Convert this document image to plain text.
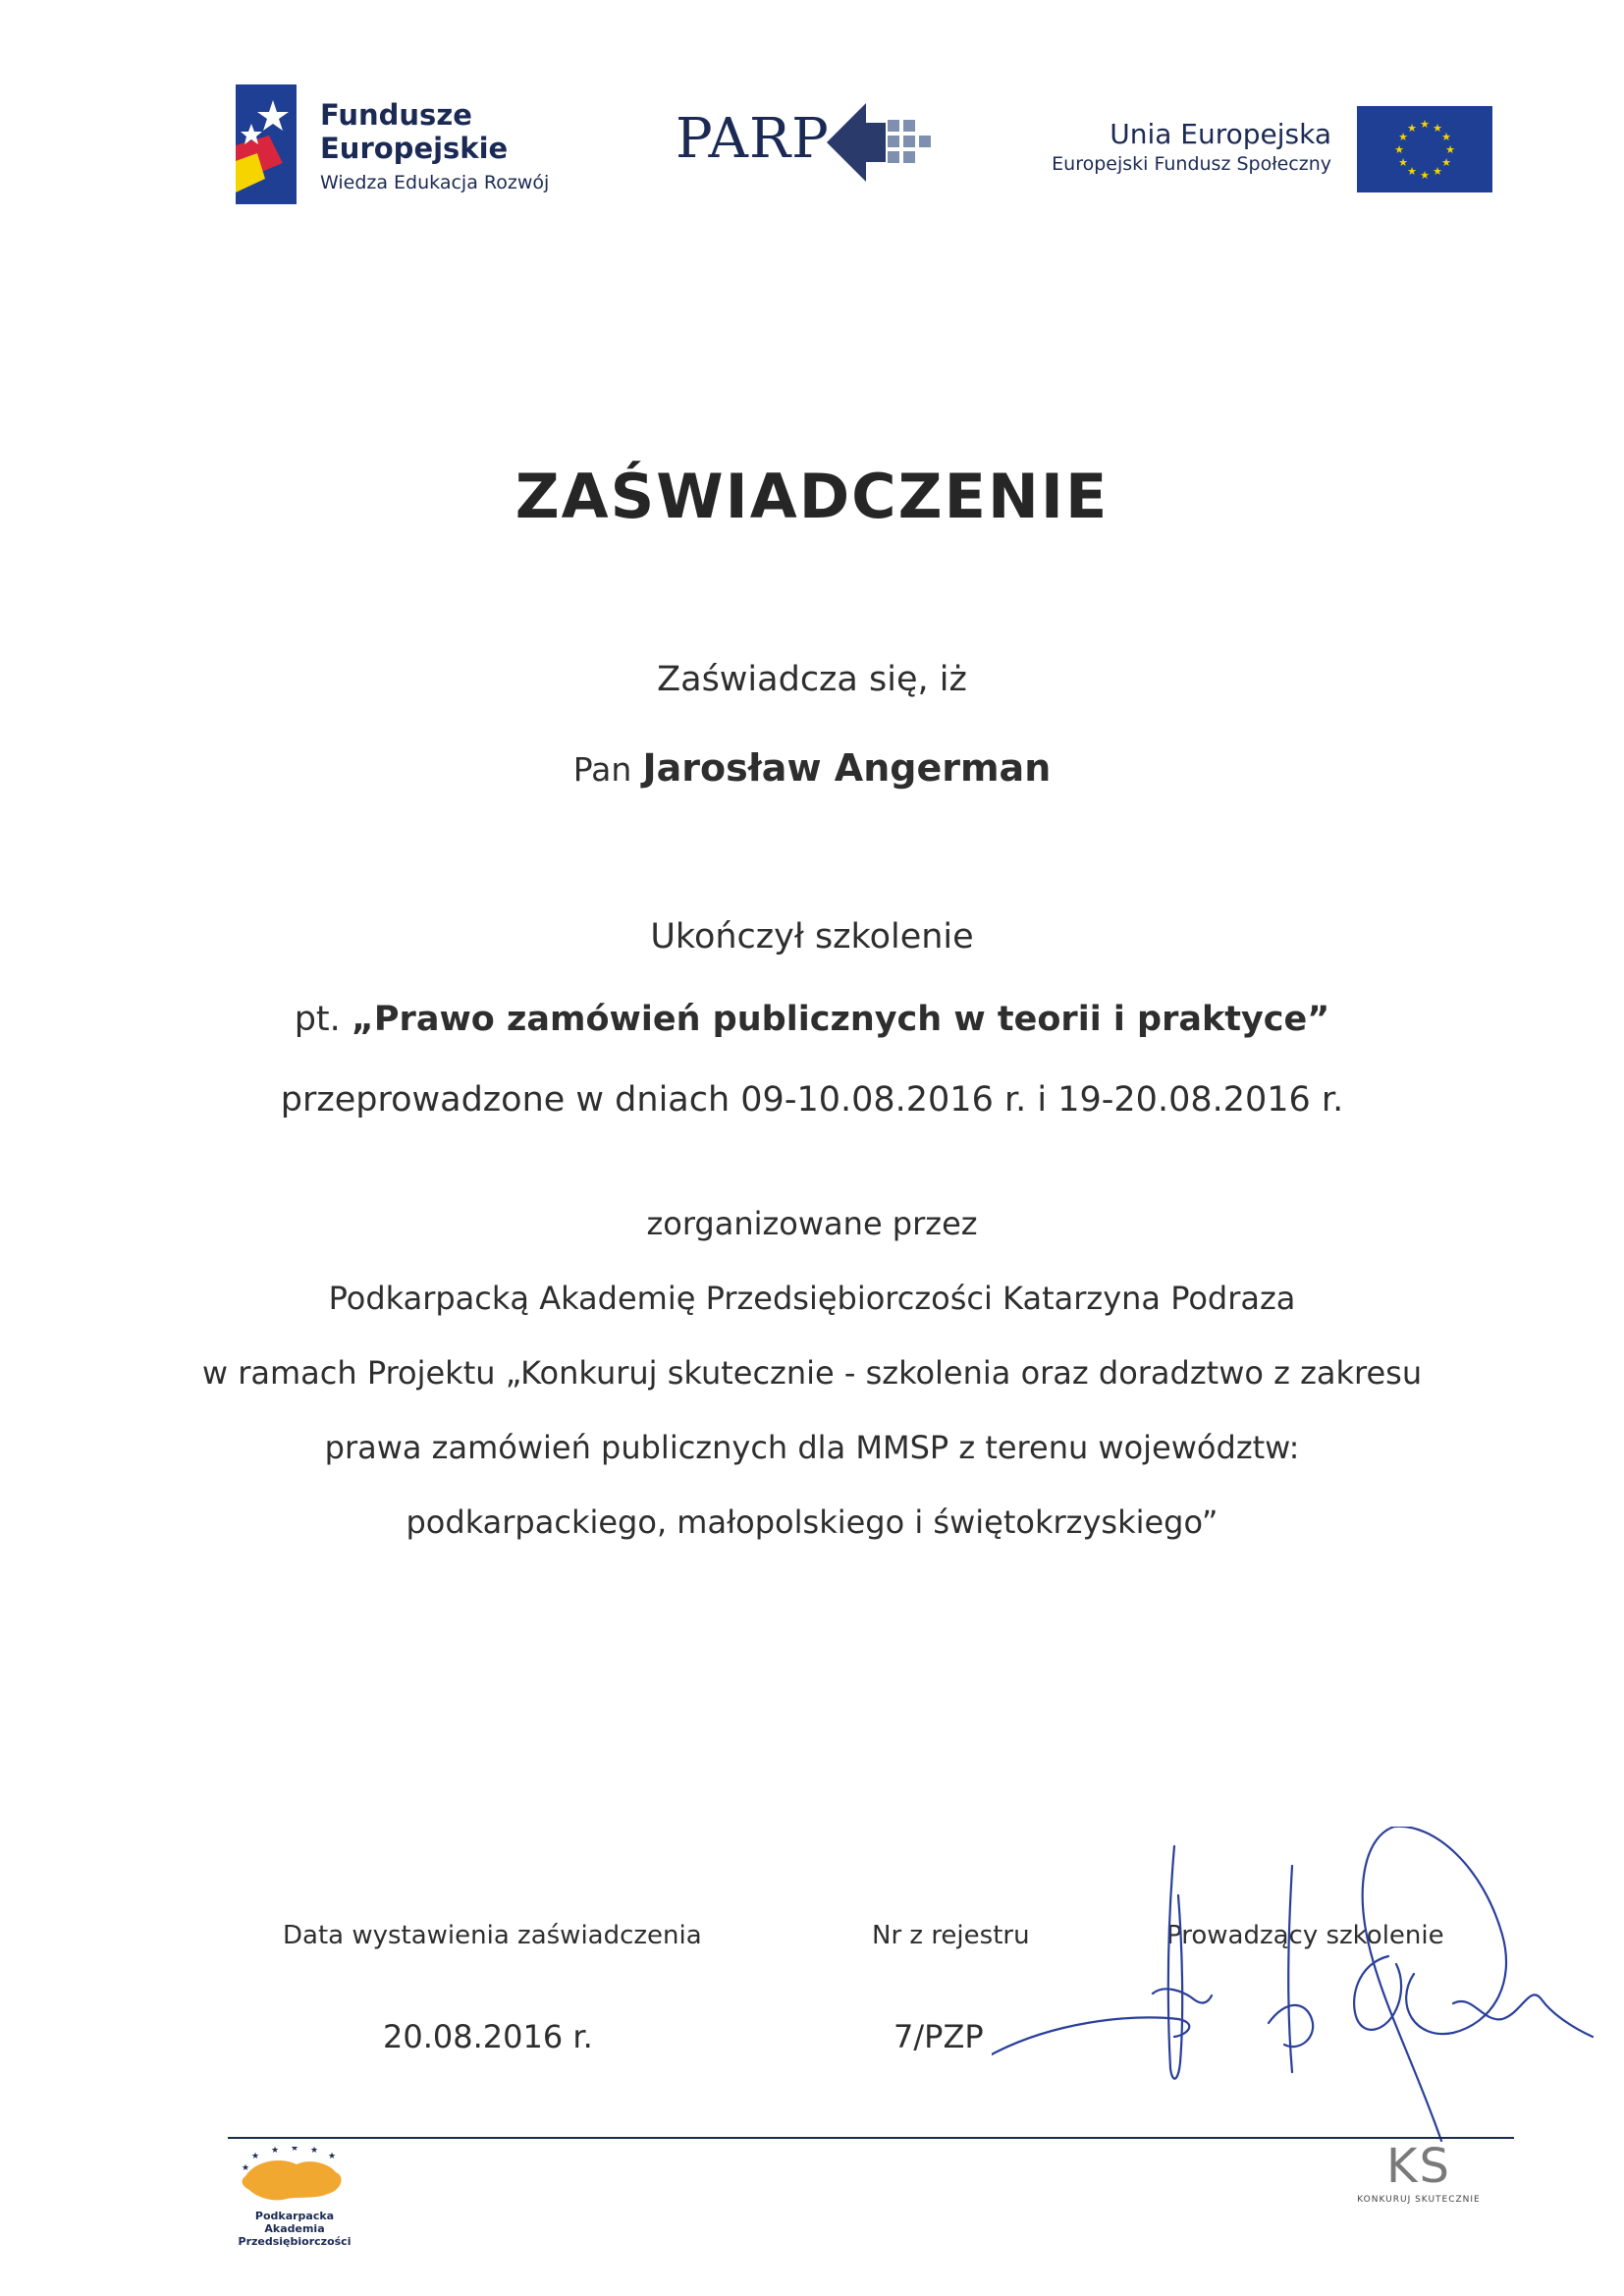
Fundusze
Europejskie
Wiedza Edukacja Rozwój
PARP	Unia Europejska
Europejski Fundusz Społeczny
★ ★
★
★
★
★
★
★
★
★
★
★
ZAŚWIADCZENIE
Zaświadcza się, iż
Pan Jarosław Angerman
Ukończył szkolenie
pt. „Prawo zamówień publicznych w teorii i praktyce”
przeprowadzone w dniach 09-10.08.2016 r. i 19-20.08.2016 r.
zorganizowane przez
Podkarpacką Akademię Przedsiębiorczości Katarzyna Podraza
w ramach Projektu „Konkuruj skutecznie - szkolenia oraz doradztwo z zakresu
prawa zamówień publicznych dla MMSP z terenu województw:
podkarpackiego, małopolskiego i świętokrzyskiego”
Data wystawienia zaświadczenia
20.08.2016 r.
Nr z rejestru
7/PZP
Prowadzący szkolenie
★
★ ★ ★
★
★
Podkarpacka Akademia
Przedsiębiorczości
KS
KONKURUJ SKUTECZNIE
